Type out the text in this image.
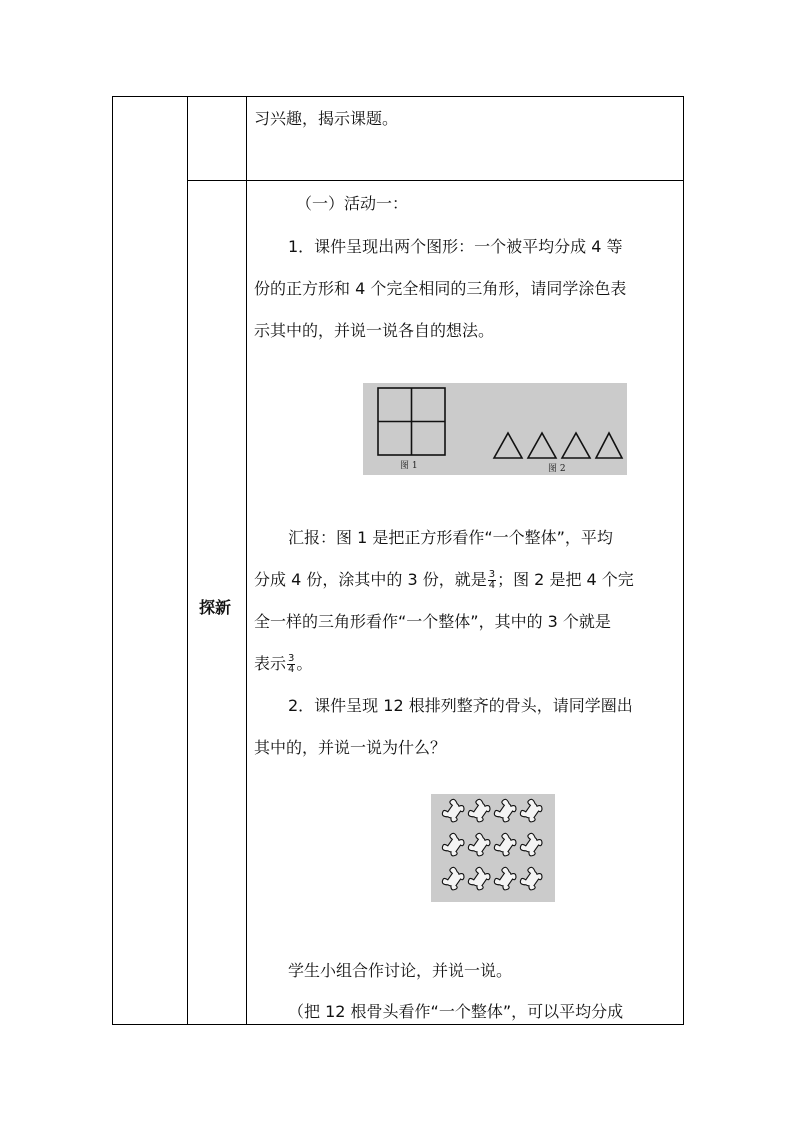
习兴趣，揭示课题。
探新
（一）活动一：
1．课件呈现出两个图形：一个被平均分成 4 等
份的正方形和 4 个完全相同的三角形，请同学涂色表
示其中的，并说一说各自的想法。
图 1	图 2
汇报：图 1 是把正方形看作“一个整体”，平均
分成 4 份，涂其中的 3 份，就是 $\frac{3}{4}$ ；图 2 是把 4 个完
全一样的三角形看作“一个整体”，其中的 3 个就是
表示 $\frac{3}{4}$ 。
2．课件呈现 12 根排列整齐的骨头，请同学圈出
其中的，并说一说为什么？
学生小组合作讨论，并说一说。
（把 12 根骨头看作“一个整体”，可以平均分成
